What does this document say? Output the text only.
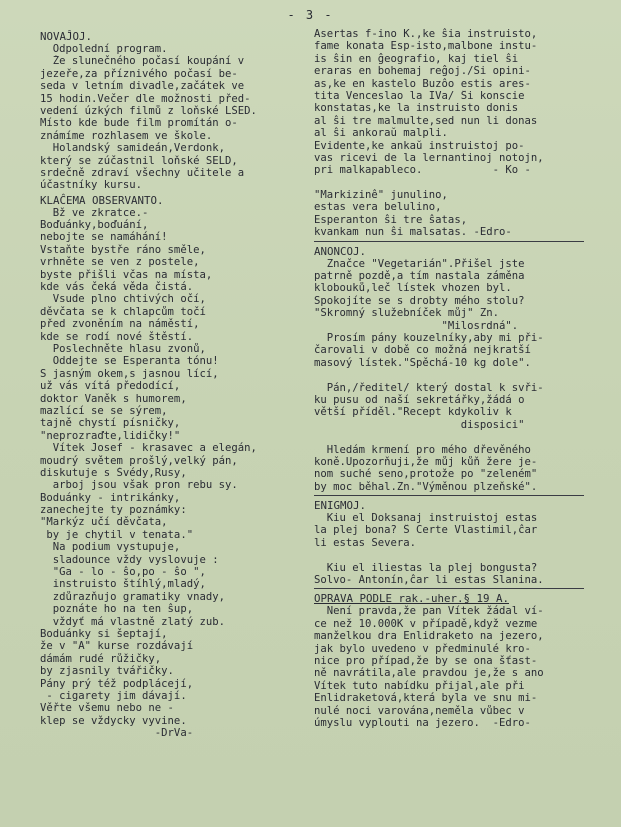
- 3 -
NOVAĴOJ.
Odpolední program.
Že slunečného počasí koupání v
jezeře,za příznivého počasí be-
seda v letním divadle,začátek ve
15 hodin.Večer dle možnosti před-
vedení úzkých filmů z loňské LŠED.
Místo kde bude film promítán o-
známíme rozhlasem ve škole.
Holandský samideán,Verdonk,
který se zúčastnil loňské SELD,
srdečně zdraví všechny učitele a
účastníky kursu.
KLAĈEMA OBSERVANTO.
Bž ve zkratce.-
Boďuánky,boďuání,
nebojte se namáhání!
Vstaňte bystře ráno směle,
vrhněte se ven z postele,
byste přišli včas na místa,
kde vás čeká věda čistá.
Vsude plno chtivých očí,
děvčata se k chlapcům točí
před zvoněním na náměstí,
kde se rodí nové štěstí.
Poslechněte hlasu zvonů,
Oddejte se Esperanta tónu!
S jasným okem,s jasnou lící,
už vás vítá předodící,
doktor Vaněk s humorem,
mazlící se se sýrem,
tajně chystí písničky,
"neprozraďte,lidičky!"
Vítek Josef - krasavec a elegán,
moudrý světem prošlý,velký pán,
diskutuje s Švédy,Rusy,
arboj jsou však pron rebu sy.
Boduánky - intrikánky,
zanechejte ty poznámky:
"Markýz učí děvčata,
by je chytil v tenata."
Na podium vystupuje,
sladounce vždy vyslovuje :
"Ga - lo - ŝo,po - ŝo ",
instruisto štíhlý,mladý,
zdůrazňujo gramatiky vnady,
poznáte ho na ten ŝup,
vždyť má vlastně zlatý zub.
Boduánky si šeptají,
že v "A" kurse rozdávají
dámám rudé růžičky,
by zjasnily tvářičky.
Pány prý též podplácejí,
- cigarety jim dávají.
Věřte všemu nebo ne -
klep se vždycky vyvine.
-DrVa-
Asertas f-ino K.,ke ŝia instruisto,
fame konata Esp-isto,malbone instu-
is ŝin en ĝeografio, kaj tiel ŝi
eraras en bohemaj reĝoj./Ŝi opini-
as,ke en kastelo Buzôo estis ares-
tita Venceslao la IVa/ Ŝi konscie
konstatas,ke la instruisto donis
al ŝi tre malmulte,sed nun li donas
al ŝi ankoraŭ malpli.
Evidente,ke ankaŭ instruistoj po-
vas ricevi de la lernantinoj notojn,
pri malkapableco.           - Ko -
"Markizinê" junulino,
estas vera belulino,
Esperanton ŝi tre ŝatas,
kvankam nun ŝi malsatas. -Edro-
ANONCOJ.
Značce "Vegetarián".Přišel jste
patrně pozdě,a tím nastala záměna
klobouků,leč lístek vhozen byl.
Spokojíte se s drobty mého stolu?
"Skromný služebníček můj" Zn.
"Milosrdná".
Prosím pány kouzelníky,aby mi při-
čarovali v době co možná nejkratší
masový lístek."Spěchá-10 kg dole".
Pán,/ředitel/ který dostal k svři-
ku pusu od naší sekretářky,žádá o
větší příděl."Recept kdykoliv k
disposici"
Hledám krmení pro mého dřevěného
koně.Upozorňuji,že můj kůň žere je-
nom suché seno,protože po "zeleném"
by moc běhal.Zn."Výměnou plzeňské".
ENIGMOJ.
Kiu el Doksanaj instruistoj estas
la plej bona? Ŝ Certe Vlastimil,ĉar
li estas Severa.
Kiu el iliestas la plej bongusta?
Solvo- Antonín,ĉar li estas Slanina.
OPRAVA PODLE rak.-uher.§ 19 A.
Není pravda,že pan Vítek žádal ví-
ce než 10.000K v případě,když vezme
manželkou dra Enlidraketo na jezero,
jak bylo uvedeno v předminulé kro-
nice pro případ,že by se ona šťast-
ně navrátila,ale pravdou je,že s ano
Vítek tuto nabídku přijal,ale při
Enlidraketová,která byla ve snu mi-
nulé noci varována,neměla vůbec v
úmyslu vyplouti na jezero.  -Edro-
